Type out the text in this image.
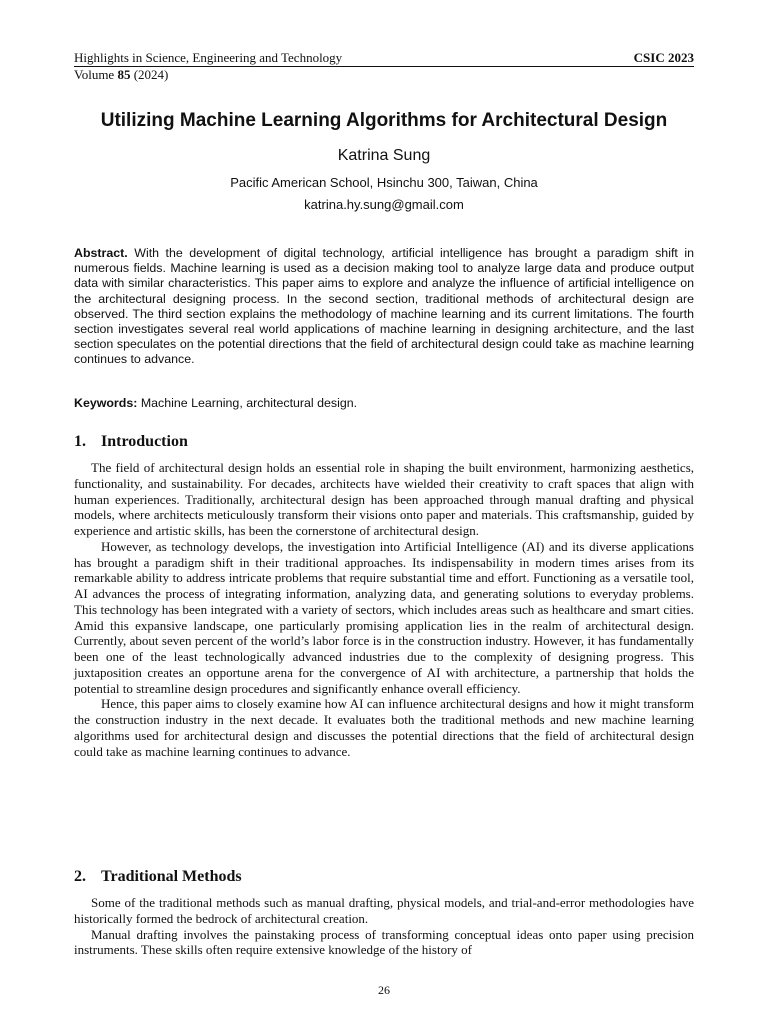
Highlights in Science, Engineering and Technology	CSIC 2023
Volume 85 (2024)
Utilizing Machine Learning Algorithms for Architectural Design
Katrina Sung
Pacific American School, Hsinchu 300, Taiwan, China
katrina.hy.sung@gmail.com
Abstract. With the development of digital technology, artificial intelligence has brought a paradigm shift in numerous fields. Machine learning is used as a decision making tool to analyze large data and produce output data with similar characteristics. This paper aims to explore and analyze the influence of artificial intelligence on the architectural designing process. In the second section, traditional methods of architectural design are observed. The third section explains the methodology of machine learning and its current limitations. The fourth section investigates several real world applications of machine learning in designing architecture, and the last section speculates on the potential directions that the field of architectural design could take as machine learning continues to advance.
Keywords: Machine Learning, architectural design.
1. Introduction

The field of architectural design holds an essential role in shaping the built environment, harmonizing aesthetics, functionality, and sustainability. For decades, architects have wielded their creativity to craft spaces that align with human experiences. Traditionally, architectural design has been approached through manual drafting and physical models, where architects meticulously transform their visions onto paper and materials. This craftsmanship, guided by experience and artistic skills, has been the cornerstone of architectural design.

However, as technology develops, the investigation into Artificial Intelligence (AI) and its diverse applications has brought a paradigm shift in their traditional approaches. Its indispensability in modern times arises from its remarkable ability to address intricate problems that require substantial time and effort. Functioning as a versatile tool, AI advances the process of integrating information, analyzing data, and generating solutions to everyday problems. This technology has been integrated with a variety of sectors, which includes areas such as healthcare and smart cities. Amid this expansive landscape, one particularly promising application lies in the realm of architectural design. Currently, about seven percent of the world’s labor force is in the construction industry. However, it has fundamentally been one of the least technologically advanced industries due to the complexity of designing progress. This juxtaposition creates an opportune arena for the convergence of AI with architecture, a partnership that holds the potential to streamline design procedures and significantly enhance overall efficiency.

Hence, this paper aims to closely examine how AI can influence architectural designs and how it might transform the construction industry in the next decade. It evaluates both the traditional methods and new machine learning algorithms used for architectural design and discusses the potential directions that the field of architectural design could take as machine learning continues to advance.

2. Traditional Methods

Some of the traditional methods such as manual drafting, physical models, and trial-and-error methodologies have historically formed the bedrock of architectural creation.

Manual drafting involves the painstaking process of transforming conceptual ideas onto paper using precision instruments. These skills often require extensive knowledge of the history of

26
